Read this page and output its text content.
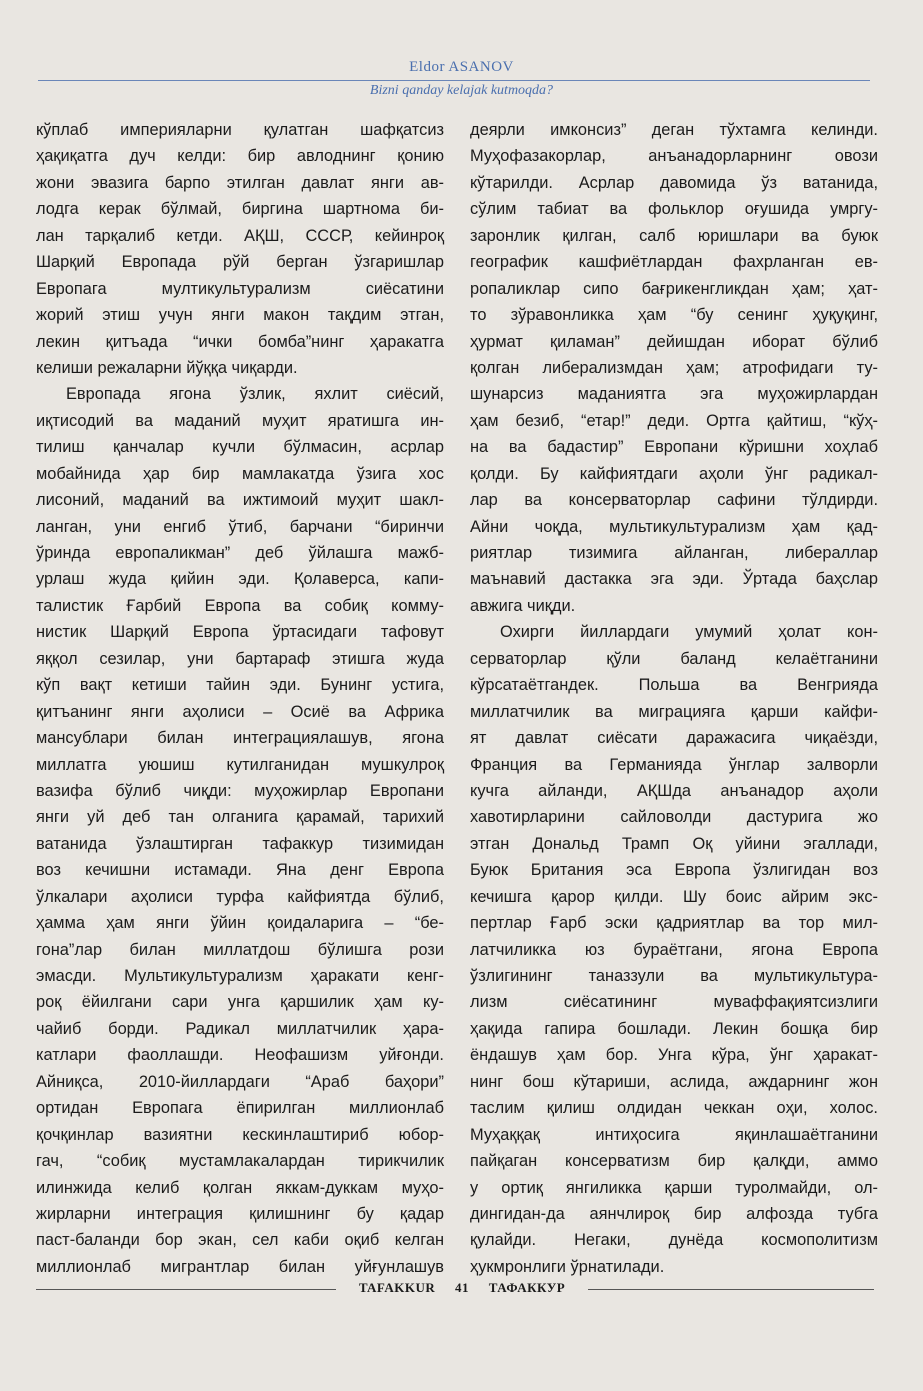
Eldor ASANOV
Bizni qanday kelajak kutmoqda?
кўплаб империяларни қулатган шафқатсиз
ҳақиқатга дуч келди: бир авлоднинг қонию
жони эвазига барпо этилган давлат янги ав-
лодга керак бўлмай, биргина шартнома би-
лан тарқалиб кетди. АҚШ, СССР, кейинроқ
Шарқий Европада рўй берган ўзгаришлар
Европага мултикультурализм сиёсатини
жорий этиш учун янги макон тақдим этган,
лекин қитъада “ички бомба”нинг ҳаракатга
келиши режаларни йўққа чиқарди.
Европада ягона ўзлик, яхлит сиёсий,
иқтисодий ва маданий муҳит яратишга ин-
тилиш қанчалар кучли бўлмасин, асрлар
мобайнида ҳар бир мамлакатда ўзига хос
лисоний, маданий ва ижтимоий муҳит шакл-
ланган, уни енгиб ўтиб, барчани “биринчи
ўринда европаликман” деб ўйлашга мажб-
урлаш жуда қийин эди. Қолаверса, капи-
талистик Ғарбий Европа ва собиқ комму-
нистик Шарқий Европа ўртасидаги тафовут
яққол сезилар, уни бартараф этишга жуда
кўп вақт кетиши тайин эди. Бунинг устига,
қитъанинг янги аҳолиси – Осиё ва Африка
мансублари билан интеграциялашув, ягона
миллатга уюшиш кутилганидан мушкулроқ
вазифа бўлиб чиқди: муҳожирлар Европани
янги уй деб тан олганига қарамай, тарихий
ватанида ўзлаштирган тафаккур тизимидан
воз кечишни истамади. Яна денг Европа
ўлкалари аҳолиси турфа кайфиятда бўлиб,
ҳамма ҳам янги ўйин қоидаларига – “бе-
гона”лар билан миллатдош бўлишга рози
эмасди. Мультикультурализм ҳаракати кенг-
роқ ёйилгани сари унга қаршилик ҳам ку-
чайиб борди. Радикал миллатчилик ҳара-
катлари фаоллашди. Неофашизм уйғонди.
Айниқса, 2010-йиллардаги “Араб баҳори”
ортидан Европага ёпирилган миллионлаб
қочқинлар вазиятни кескинлаштириб юбор-
гач, “собиқ мустамлакалардан тирикчилик
илинжида келиб қолган яккам-дуккам муҳо-
жирларни интеграция қилишнинг бу қадар
паст-баланди бор экан, сел каби оқиб келган
миллионлаб мигрантлар билан уйғунлашув
деярли имконсиз” деган тўхтамга келинди.
Муҳофазакорлар, анъанадорларнинг овози
кўтарилди. Асрлар давомида ўз ватанида,
сўлим табиат ва фольклор оғушида умргу-
заронлик қилган, салб юришлари ва буюк
географик кашфиётлардан фахрланган ев-
ропаликлар сипо бағрикенгликдан ҳам; ҳат-
то зўравонликка ҳам “бу сенинг ҳуқуқинг,
ҳурмат қиламан” дейишдан иборат бўлиб
қолган либерализмдан ҳам; атрофидаги ту-
шунарсиз маданиятга эга муҳожирлардан
ҳам безиб, “етар!” деди. Ортга қайтиш, “кўҳ-
на ва бадастир” Европани кўришни хоҳлаб
қолди. Бу кайфиятдаги аҳоли ўнг радикал-
лар ва консерваторлар сафини тўлдирди.
Айни чоқда, мультикультурализм ҳам қад-
риятлар тизимига айланган, либераллар
маънавий дастакка эга эди. Ўртада баҳслар
авжига чиқди.
Охирги йиллардаги умумий ҳолат кон-
серваторлар қўли баланд келаётганини
кўрсатаётгандек. Польша ва Венгрияда
миллатчилик ва миграцияга қарши кайфи-
ят давлат сиёсати даражасига чиқаёзди,
Франция ва Германияда ўнглар залворли
кучга айланди, АҚШда анъанадор аҳоли
хавотирларини сайловолди дастурига жо
этган Дональд Трамп Оқ уйини эгаллади,
Буюк Британия эса Европа ўзлигидан воз
кечишга қарор қилди. Шу боис айрим экс-
пертлар Ғарб эски қадриятлар ва тор мил-
латчиликка юз бураётгани, ягона Европа
ўзлигининг таназзули ва мультикультура-
лизм сиёсатининг муваффақиятсизлиги
ҳақида гапира бошлади. Лекин бошқа бир
ёндашув ҳам бор. Унга кўра, ўнг ҳаракат-
нинг бош кўтариши, аслида, аждарнинг жон
таслим қилиш олдидан чеккан оҳи, холос.
Муҳаққақ интиҳосига яқинлашаётганини
пайқаган консерватизм бир қалқди, аммо
у ортиқ янгиликка қарши туролмайди, ол-
дингидан-да аянчлироқ бир алфозда тубга
қулайди. Негаки, дунёда космополитизм
ҳукмронлиги ўрнатилади.
TAFAKKUR 41 ТАФАККУР
